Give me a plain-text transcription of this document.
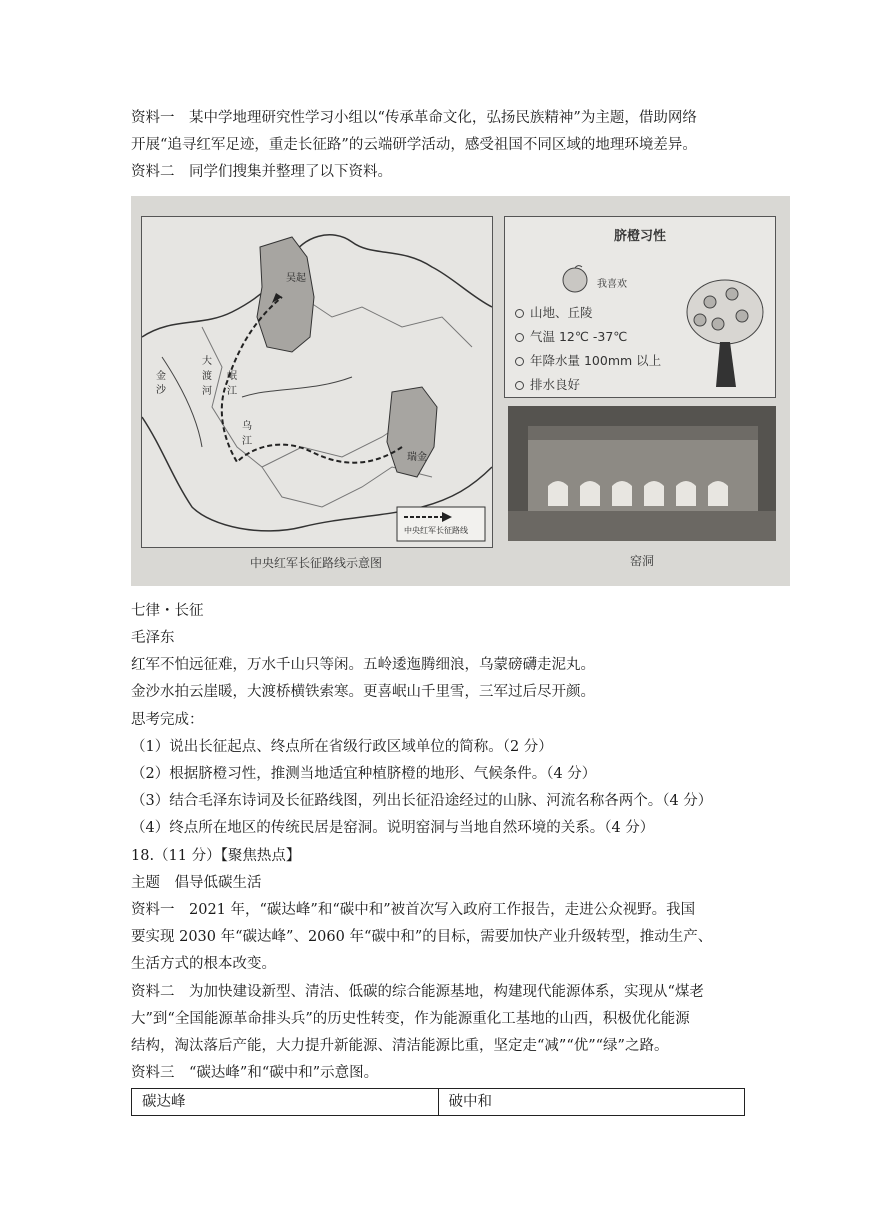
资料一　某中学地理研究性学习小组以“传承革命文化，弘扬民族精神”为主题，借助网络
开展“追寻红军足迹，重走长征路”的云端研学活动，感受祖国不同区域的地理环境差异。
资料二　同学们搜集并整理了以下资料。
瑞金
吴起
金
沙
大
渡
河
岷
江
乌
江
中央红军长征路线
中央红军长征路线示意图
脐橙习性
我喜欢
山地、丘陵
气温 12℃ -37℃
年降水量 100mm 以上
排水良好
窑洞
七律・长征
毛泽东
红军不怕远征难，万水千山只等闲。五岭逶迤腾细浪，乌蒙磅礴走泥丸。
金沙水拍云崖暖，大渡桥横铁索寒。更喜岷山千里雪，三军过后尽开颜。
思考完成：
（1）说出长征起点、终点所在省级行政区域单位的简称。（2 分）
（2）根据脐橙习性，推测当地适宜种植脐橙的地形、气候条件。（4 分）
（3）结合毛泽东诗词及长征路线图，列出长征沿途经过的山脉、河流名称各两个。（4 分）
（4）终点所在地区的传统民居是窑洞。说明窑洞与当地自然环境的关系。（4 分）
18.（11 分）【聚焦热点】
主题　倡导低碳生活
资料一　2021 年，“碳达峰”和“碳中和”被首次写入政府工作报告，走进公众视野。我国
要实现 2030 年“碳达峰”、2060 年“碳中和”的目标，需要加快产业升级转型，推动生产、
生活方式的根本改变。
资料二　为加快建设新型、清洁、低碳的综合能源基地，构建现代能源体系，实现从“煤老
大”到“全国能源革命排头兵”的历史性转变，作为能源重化工基地的山西，积极优化能源
结构，淘汰落后产能，大力提升新能源、清洁能源比重，坚定走“减”“优”“绿”之路。
资料三　“碳达峰”和“碳中和”示意图。
碳达峰	破中和
